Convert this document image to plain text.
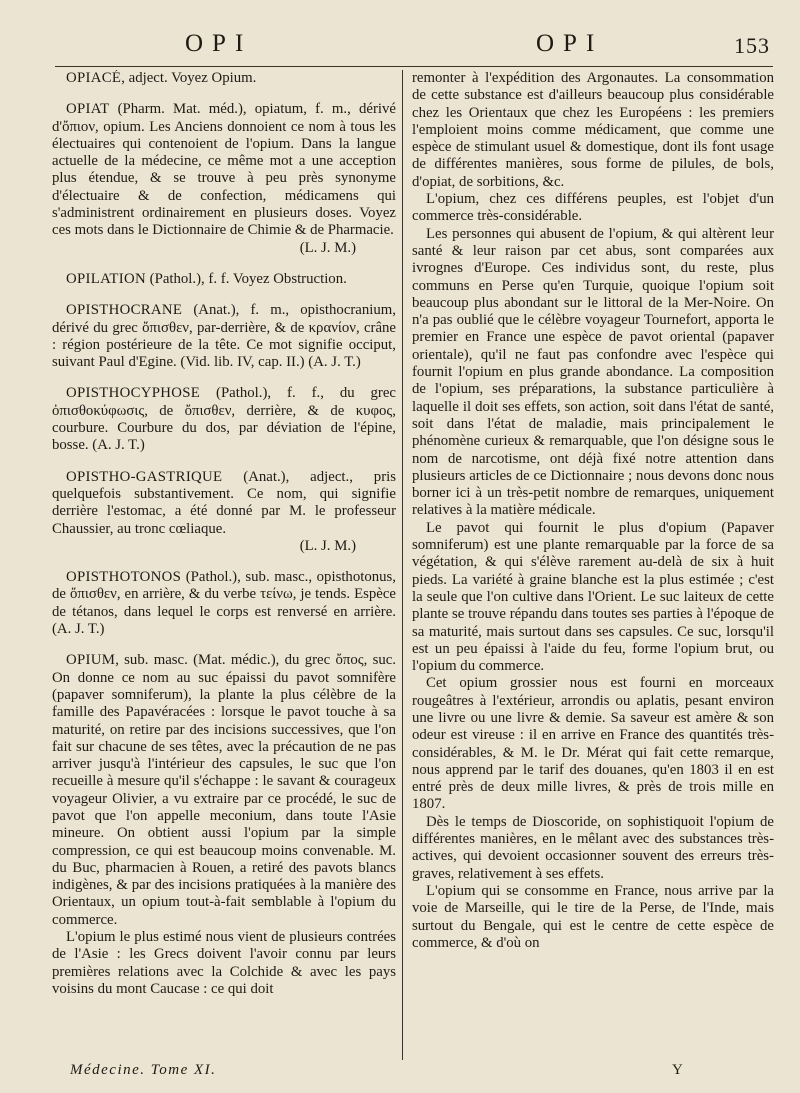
OPI	OPI	153

OPIACÉ, adject. Voyez Opium.

OPIAT (Pharm. Mat. méd.), opiatum, f. m., dérivé d'ὄπιον, opium. Les Anciens donnoient ce nom à tous les électuaires qui contenoient de l'opium. Dans la langue actuelle de la médecine, ce même mot a une acception plus étendue, & se trouve à peu près synonyme d'électuaire & de confection, médicamens qui s'administrent ordinairement en plusieurs doses. Voyez ces mots dans le Dictionnaire de Chimie & de Pharmacie.

(L. J. M.)

OPILATION (Pathol.), f. f. Voyez Obstruction.

OPISTHOCRANE (Anat.), f. m., opisthocranium, dérivé du grec ὄπισθεν, par-derrière, & de κρανίον, crâne : région postérieure de la tête. Ce mot signifie occiput, suivant Paul d'Egine. (Vid. lib. IV, cap. II.) (A. J. T.)

OPISTHOCYPHOSE (Pathol.), f. f., du grec ὀπισθοκύφωσις, de ὄπισθεν, derrière, & de κυφος, courbure. Courbure du dos, par déviation de l'épine, bosse. (A. J. T.)

OPISTHO-GASTRIQUE (Anat.), adject., pris quelquefois substantivement. Ce nom, qui signifie derrière l'estomac, a été donné par M. le professeur Chaussier, au tronc cœliaque.

(L. J. M.)

OPISTHOTONOS (Pathol.), sub. masc., opisthotonus, de ὄπισθεν, en arrière, & du verbe τείνω, je tends. Espèce de tétanos, dans lequel le corps est renversé en arrière. (A. J. T.)

OPIUM, sub. masc. (Mat. médic.), du grec ὄπος, suc. On donne ce nom au suc épaissi du pavot somnifère (papaver somniferum), la plante la plus célèbre de la famille des Papavéracées : lorsque le pavot touche à sa maturité, on retire par des incisions successives, que l'on fait sur chacune de ses têtes, avec la précaution de ne pas arriver jusqu'à l'intérieur des capsules, le suc que l'on recueille à mesure qu'il s'échappe : le savant & courageux voyageur Olivier, a vu extraire par ce procédé, le suc de pavot que l'on appelle meconium, dans toute l'Asie mineure. On obtient aussi l'opium par la simple compression, ce qui est beaucoup moins convenable. M. du Buc, pharmacien à Rouen, a retiré des pavots blancs indigènes, & par des incisions pratiquées à la manière des Orientaux, un opium tout-à-fait semblable à l'opium du commerce.

L'opium le plus estimé nous vient de plusieurs contrées de l'Asie : les Grecs doivent l'avoir connu par leurs premières relations avec la Colchide & avec les pays voisins du mont Caucase : ce qui doit

remonter à l'expédition des Argonautes. La consommation de cette substance est d'ailleurs beaucoup plus considérable chez les Orientaux que chez les Européens : les premiers l'emploient moins comme médicament, que comme une espèce de stimulant usuel & domestique, dont ils font usage de différentes manières, sous forme de pilules, de bols, d'opiat, de sorbitions, &c.

L'opium, chez ces différens peuples, est l'objet d'un commerce très-considérable.

Les personnes qui abusent de l'opium, & qui altèrent leur santé & leur raison par cet abus, sont comparées aux ivrognes d'Europe. Ces individus sont, du reste, plus communs en Perse qu'en Turquie, quoique l'opium soit beaucoup plus abondant sur le littoral de la Mer-Noire. On n'a pas oublié que le célèbre voyageur Tournefort, apporta le premier en France une espèce de pavot oriental (papaver orientale), qu'il ne faut pas confondre avec l'espèce qui fournit l'opium en plus grande abondance. La composition de l'opium, ses préparations, la substance particulière à laquelle il doit ses effets, son action, soit dans l'état de santé, soit dans l'état de maladie, mais principalement le phénomène curieux & remarquable, que l'on désigne sous le nom de narcotisme, ont déjà fixé notre attention dans plusieurs articles de ce Dictionnaire ; nous devons donc nous borner ici à un très-petit nombre de remarques, uniquement relatives à la matière médicale.

Le pavot qui fournit le plus d'opium (Papaver somniferum) est une plante remarquable par la force de sa végétation, & qui s'élève rarement au-delà de six à huit pieds. La variété à graine blanche est la plus estimée ; c'est la seule que l'on cultive dans l'Orient. Le suc laiteux de cette plante se trouve répandu dans toutes ses parties à l'époque de sa maturité, mais surtout dans ses capsules. Ce suc, lorsqu'il est un peu épaissi à l'aide du feu, forme l'opium brut, ou l'opium du commerce.

Cet opium grossier nous est fourni en morceaux rougeâtres à l'extérieur, arrondis ou aplatis, pesant environ une livre ou une livre & demie. Sa saveur est amère & son odeur est vireuse : il en arrive en France des quantités très-considérables, & M. le Dr. Mérat qui fait cette remarque, nous apprend par le tarif des douanes, qu'en 1803 il en est entré près de deux mille livres, & près de trois mille en 1807.

Dès le temps de Dioscoride, on sophistiquoit l'opium de différentes manières, en le mêlant avec des substances très-actives, qui devoient occasionner souvent des erreurs très-graves, relativement à ses effets.

L'opium qui se consomme en France, nous arrive par la voie de Marseille, qui le tire de la Perse, de l'Inde, mais surtout du Bengale, qui est le centre de cette espèce de commerce, & d'où on

Médecine. Tome XI.	Y
